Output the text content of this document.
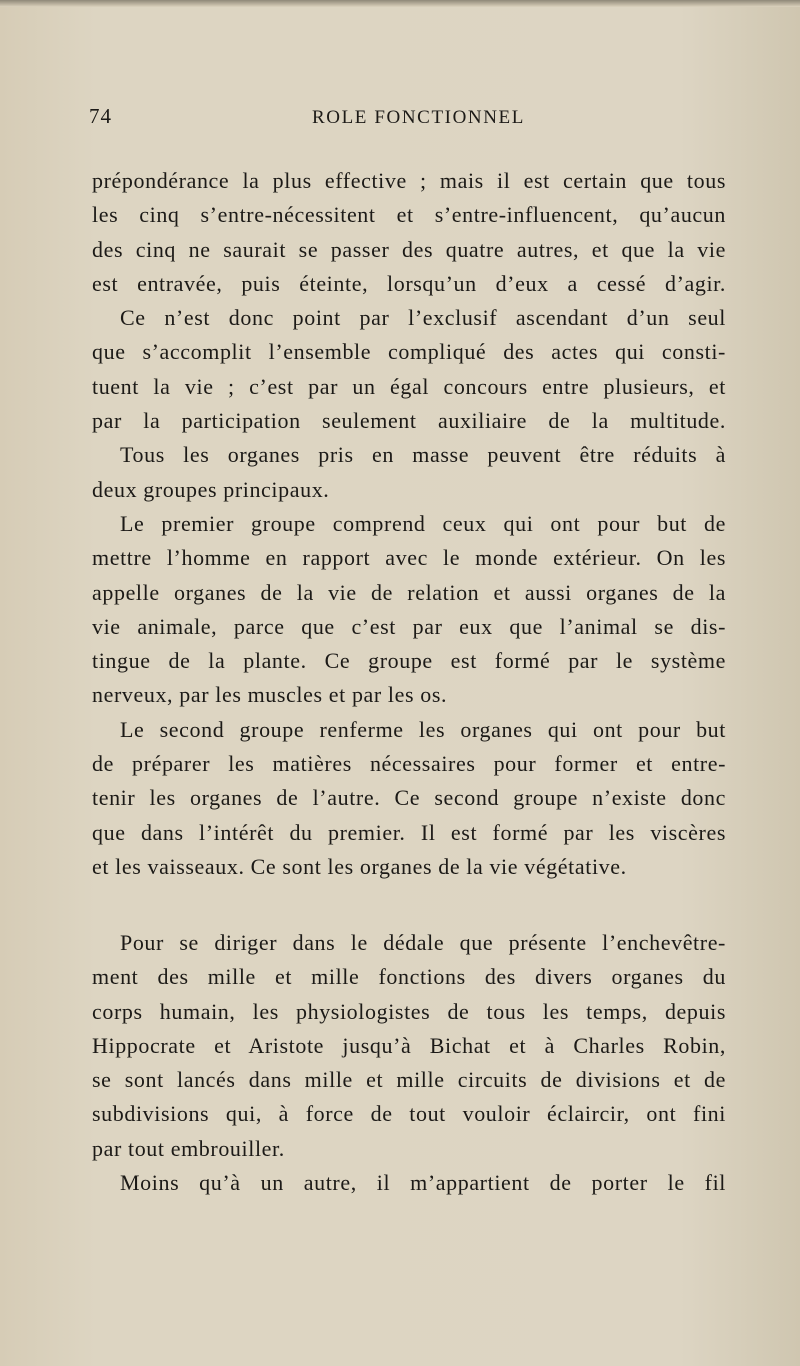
74	ROLE FONCTIONNEL
prépondérance la plus effective ; mais il est certain que tous
les cinq s’entre-nécessitent et s’entre-influencent, qu’aucun
des cinq ne saurait se passer des quatre autres, et que la vie
est entravée, puis éteinte, lorsqu’un d’eux a cessé d’agir.
Ce n’est donc point par l’exclusif ascendant d’un seul
que s’accomplit l’ensemble compliqué des actes qui consti-
tuent la vie ; c’est par un égal concours entre plusieurs, et
par la participation seulement auxiliaire de la multitude.
Tous les organes pris en masse peuvent être réduits à
deux groupes principaux.
Le premier groupe comprend ceux qui ont pour but de
mettre l’homme en rapport avec le monde extérieur. On les
appelle organes de la vie de relation et aussi organes de la
vie animale, parce que c’est par eux que l’animal se dis-
tingue de la plante. Ce groupe est formé par le système
nerveux, par les muscles et par les os.
Le second groupe renferme les organes qui ont pour but
de préparer les matières nécessaires pour former et entre-
tenir les organes de l’autre. Ce second groupe n’existe donc
que dans l’intérêt du premier. Il est formé par les viscères
et les vaisseaux. Ce sont les organes de la vie végétative.
Pour se diriger dans le dédale que présente l’enchevêtre-
ment des mille et mille fonctions des divers organes du
corps humain, les physiologistes de tous les temps, depuis
Hippocrate et Aristote jusqu’à Bichat et à Charles Robin,
se sont lancés dans mille et mille circuits de divisions et de
subdivisions qui, à force de tout vouloir éclaircir, ont fini
par tout embrouiller.
Moins qu’à un autre, il m’appartient de porter le fil
